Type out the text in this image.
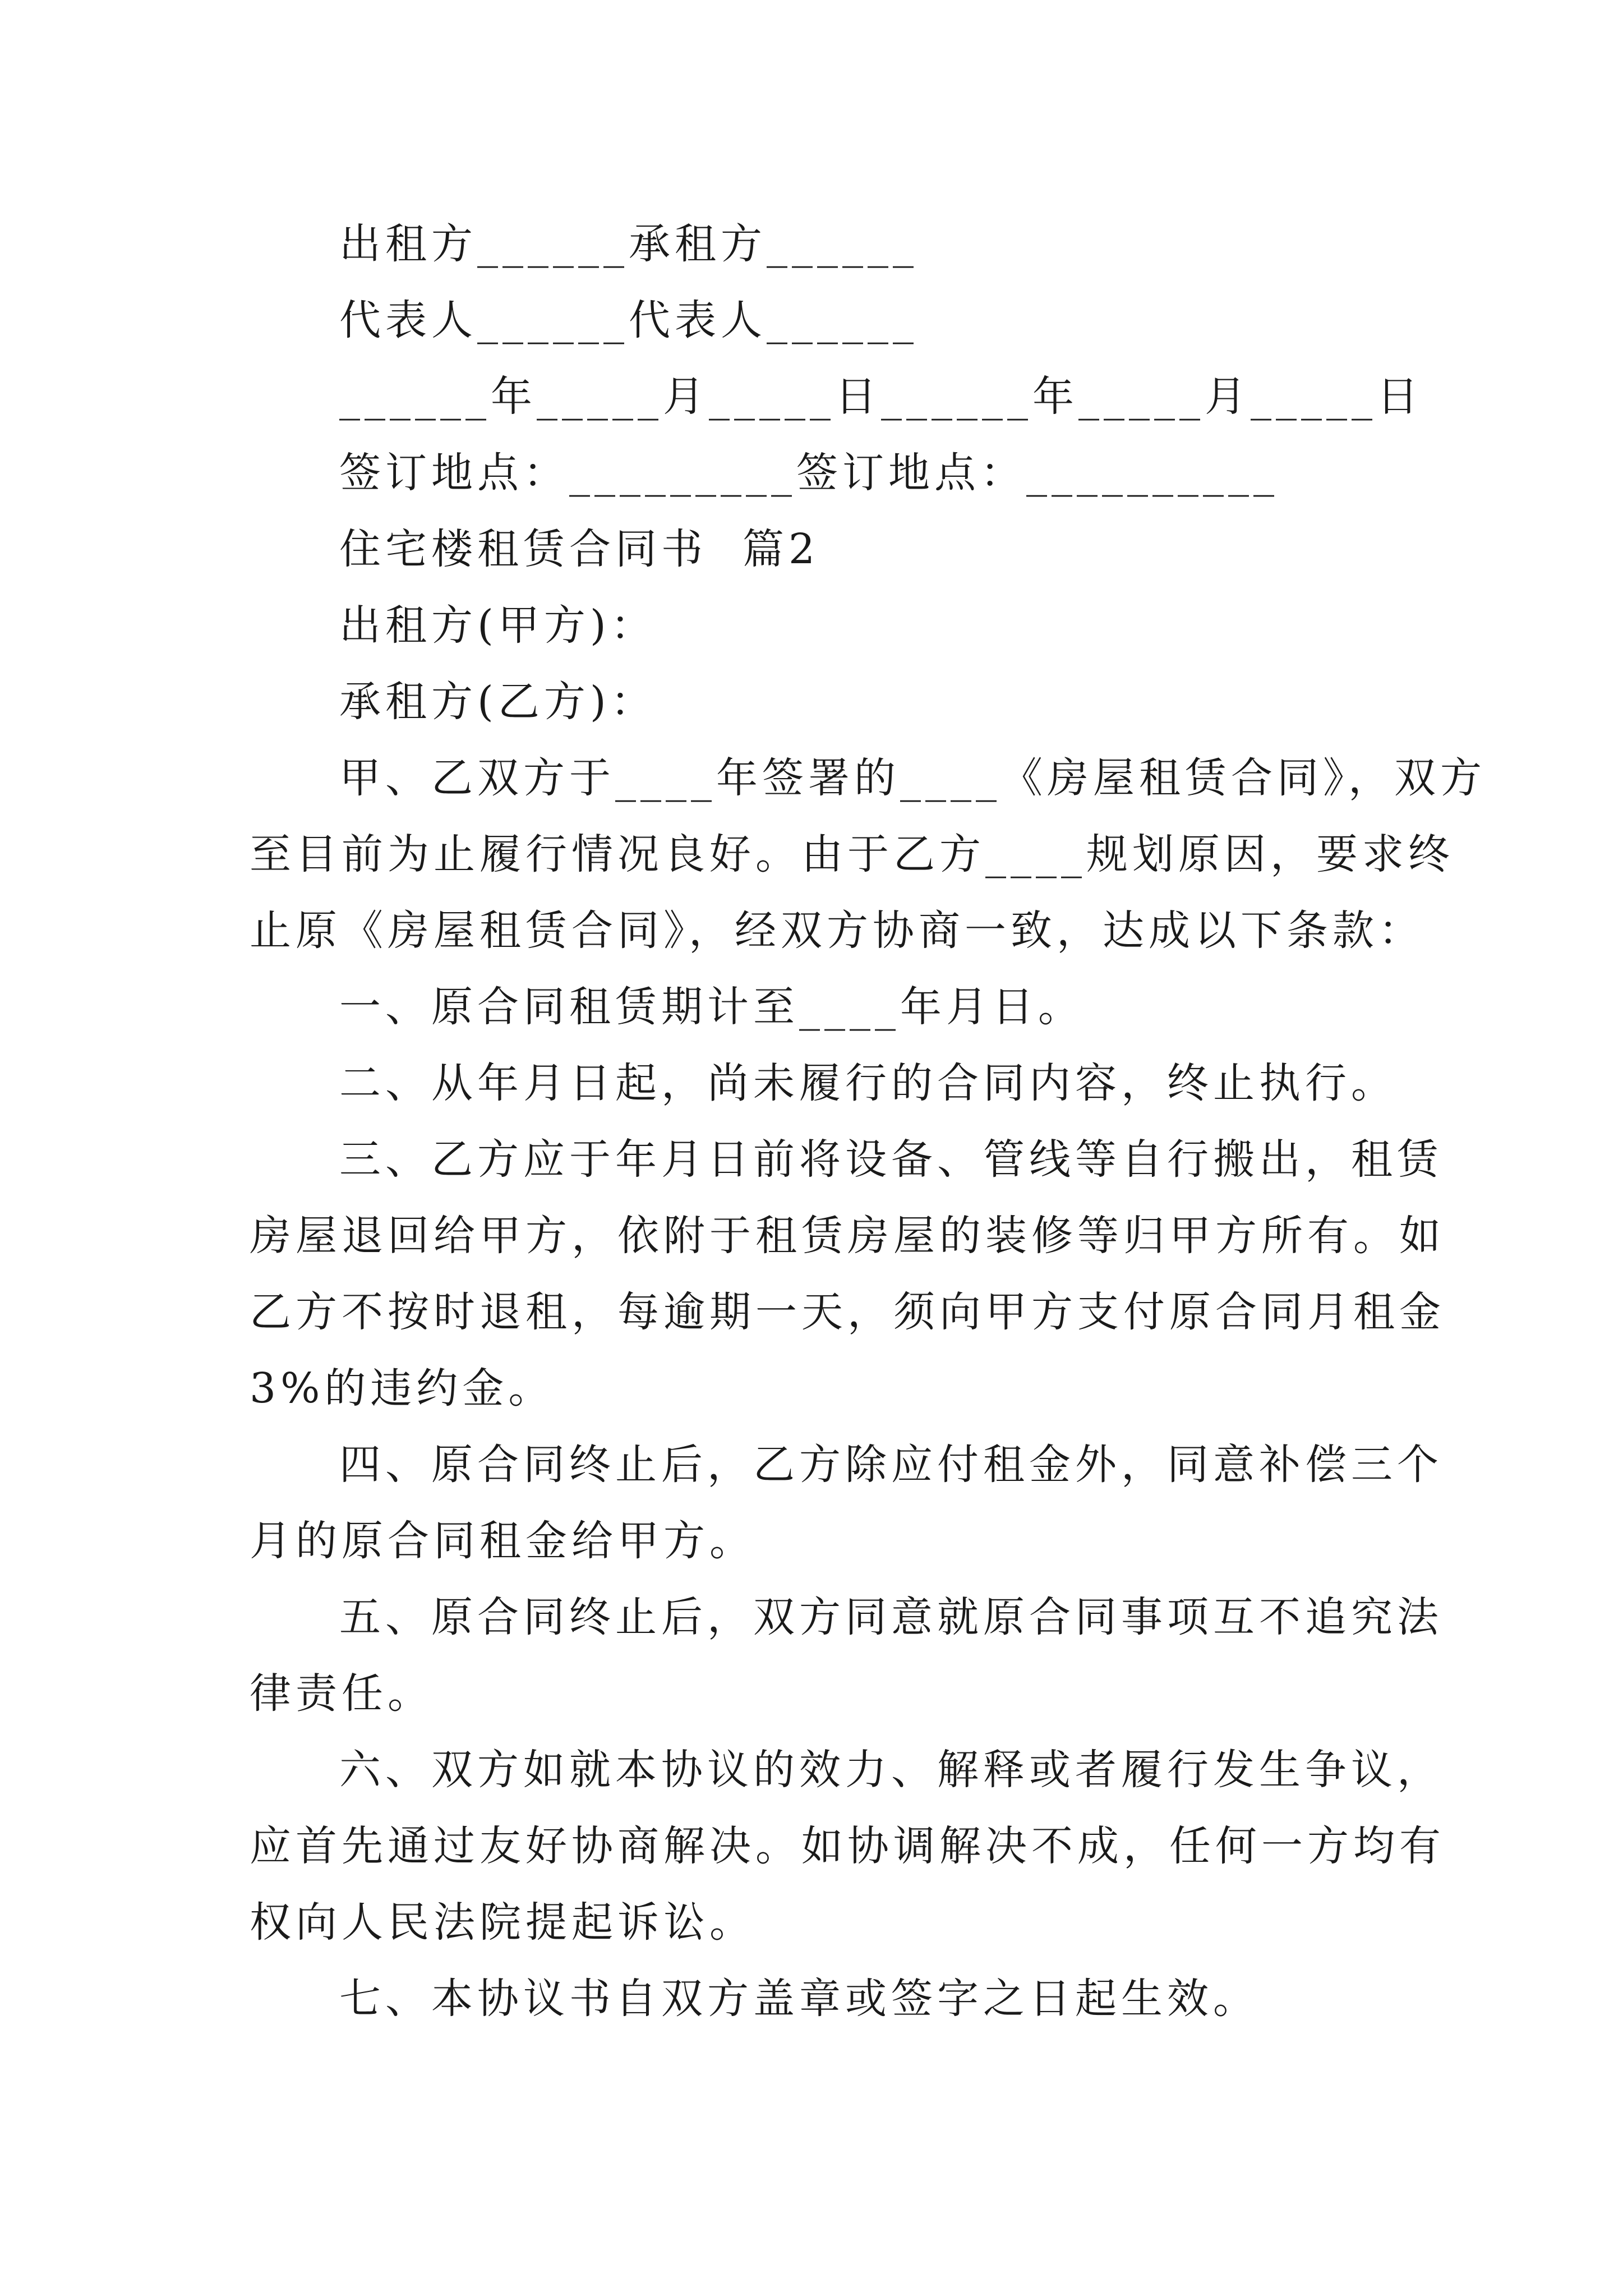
出租方______承租方______
代表人______代表人______
______年_____月_____日______年_____月_____日
签订地点：_________签订地点：__________
住宅楼租赁合同书  篇2
出租方(甲方)：
承租方(乙方)：
甲、乙双方于____年签署的____《房屋租赁合同》，双方
至目前为止履行情况良好。由于乙方____规划原因，要求终
止原《房屋租赁合同》，经双方协商一致，达成以下条款：
一、原合同租赁期计至____年月日。
二、从年月日起，尚未履行的合同内容，终止执行。
三、乙方应于年月日前将设备、管线等自行搬出，租赁
房屋退回给甲方，依附于租赁房屋的装修等归甲方所有。如
乙方不按时退租，每逾期一天，须向甲方支付原合同月租金
3%的违约金。
四、原合同终止后，乙方除应付租金外，同意补偿三个
月的原合同租金给甲方。
五、原合同终止后，双方同意就原合同事项互不追究法
律责任。
六、双方如就本协议的效力、解释或者履行发生争议，
应首先通过友好协商解决。如协调解决不成，任何一方均有
权向人民法院提起诉讼。
七、本协议书自双方盖章或签字之日起生效。
